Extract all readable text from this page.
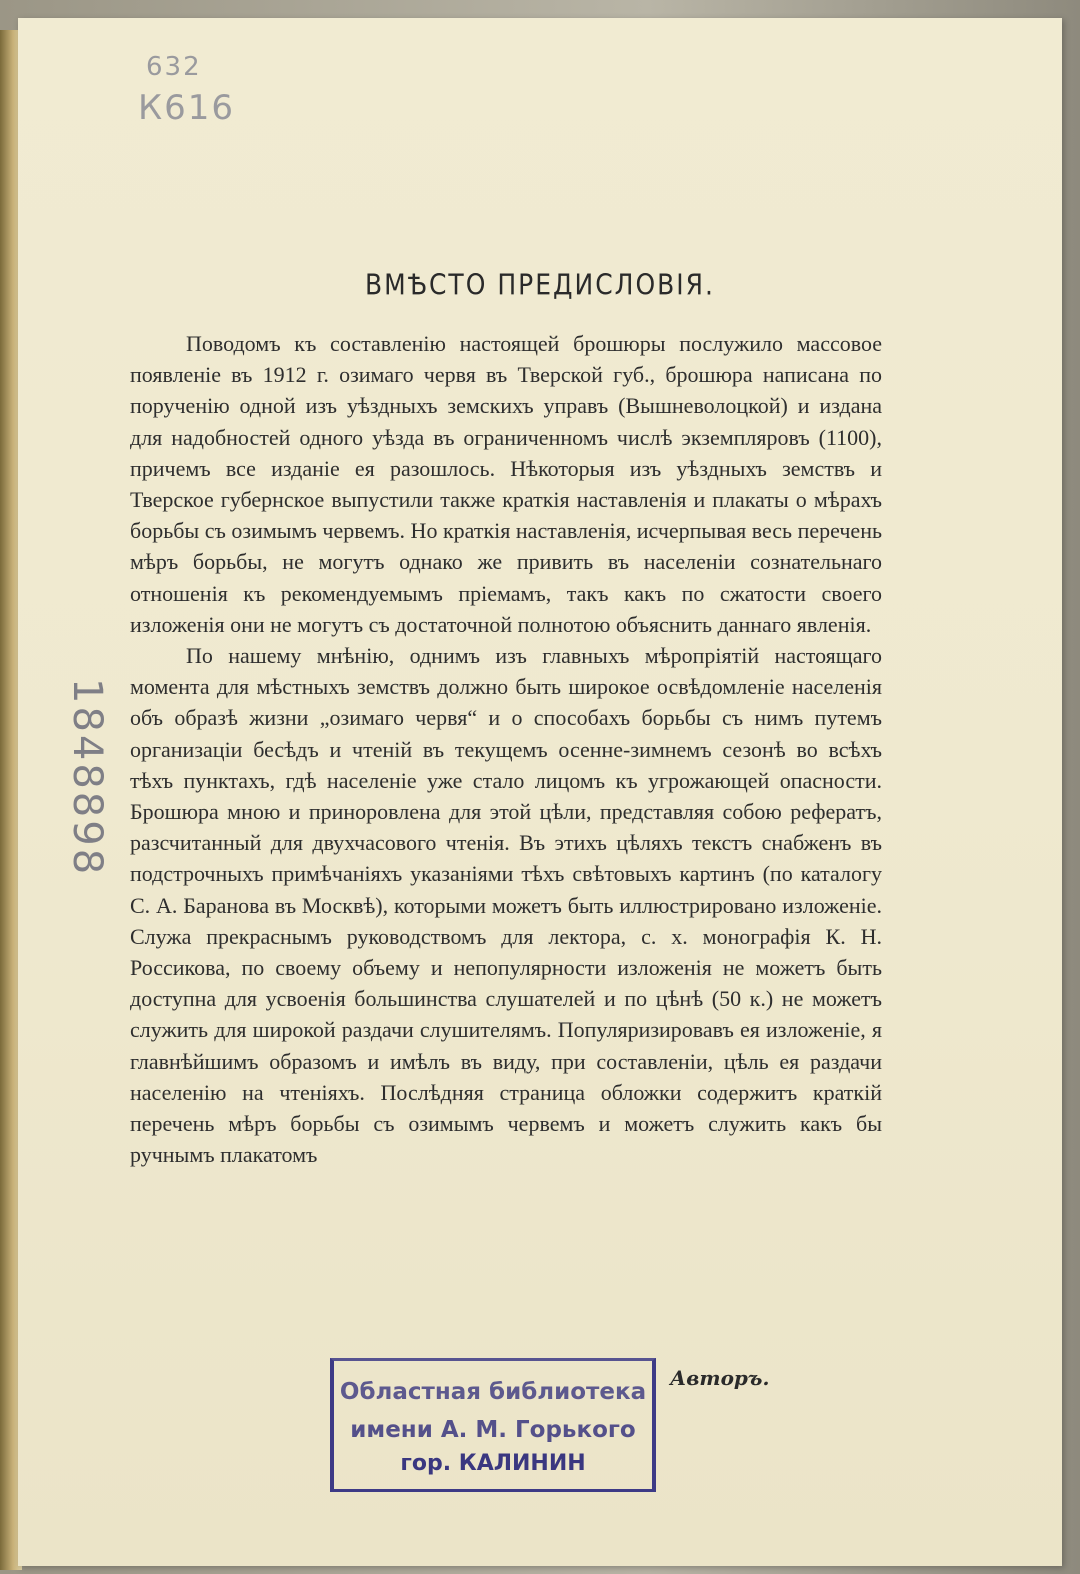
632
К616
1848898
ВМѢСТО ПРЕДИСЛОВІЯ.

Поводомъ къ составленію настоящей брошюры послужило массовое появленіе въ 1912 г. озимаго червя въ Тверской губ., брошюра написана по порученію одной изъ уѣздныхъ земскихъ управъ (Вышневолоцкой) и издана для надобностей одного уѣзда въ ограниченномъ числѣ экземпляровъ (1100), причемъ все изданіе ея разошлось. Нѣкоторыя изъ уѣздныхъ земствъ и Тверское губернское выпустили также краткія наставленія и плакаты о мѣрахъ борьбы съ озимымъ червемъ. Но краткія наставленія, исчерпывая весь перечень мѣръ борьбы, не могутъ однако же привить въ населеніи сознательнаго отношенія къ рекомендуемымъ пріемамъ, такъ какъ по сжатости своего изложенія они не могутъ съ достаточной полнотою объяснить даннаго явленія.

По нашему мнѣнію, однимъ изъ главныхъ мѣропріятій настоящаго момента для мѣстныхъ земствъ должно быть широкое освѣдомленіе населенія объ образѣ жизни „озимаго червя“ и о способахъ борьбы съ нимъ путемъ организаціи бесѣдъ и чтеній въ текущемъ осенне-зимнемъ сезонѣ во всѣхъ тѣхъ пунктахъ, гдѣ населеніе уже стало лицомъ къ угрожающей опасности. Брошюра мною и приноровлена для этой цѣли, представляя собою рефератъ, разсчитанный для двухчасового чтенія. Въ этихъ цѣляхъ текстъ снабженъ въ подстрочныхъ примѣчаніяхъ указаніями тѣхъ свѣтовыхъ картинъ (по каталогу С. А. Баранова въ Москвѣ), которыми можетъ быть иллюстрировано изложеніе. Служа прекраснымъ руководствомъ для лектора, с. х. монографія К. Н. Россикова, по своему объему и непопулярности изложенія не можетъ быть доступна для усвоенія большинства слушателей и по цѣнѣ (50 к.) не можетъ служить для широкой раздачи слушителямъ. Популяризировавъ ея изложеніе, я главнѣйшимъ образомъ и имѣлъ въ виду, при составленіи, цѣль ея раздачи населенію на чтеніяхъ. Послѣдняя страница обложки содержитъ краткій перечень мѣръ борьбы съ озимымъ червемъ и можетъ служить какъ бы ручнымъ плакатомъ

Авторъ.
Областная библиотека
имени А. М. Горького
гор. КАЛИНИН
